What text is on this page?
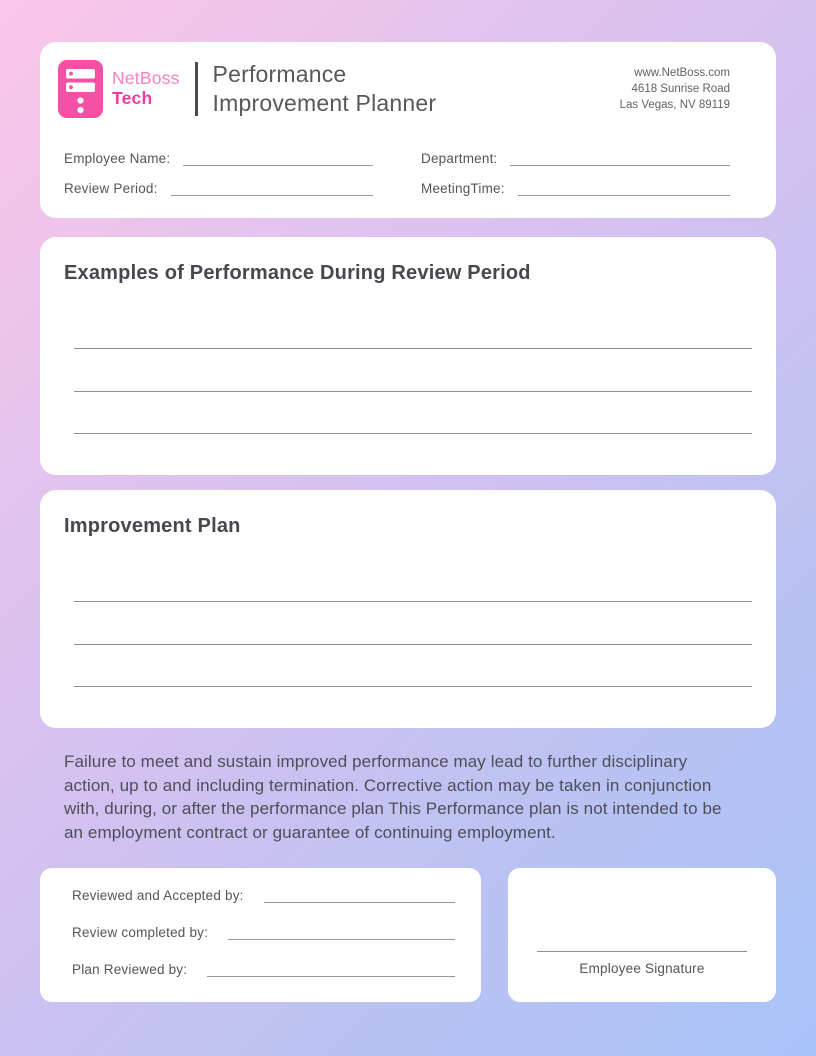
NetBoss
Tech
Performance
Improvement Planner
www.NetBoss.com
4618 Sunrise Road
Las Vegas, NV 89119
Employee Name:	Department:
Review Period:	MeetingTime:
Examples of Performance During Review Period
Improvement Plan

Failure to meet and sustain improved performance may lead to further disciplinary action, up to and including termination. Corrective action may be taken in conjunction with, during, or after the performance plan This Performance plan is not intended to be an employment contract or guarantee of continuing employment.

Reviewed and Accepted by:
Review completed by:
Plan Reviewed by:	Employee Signature
